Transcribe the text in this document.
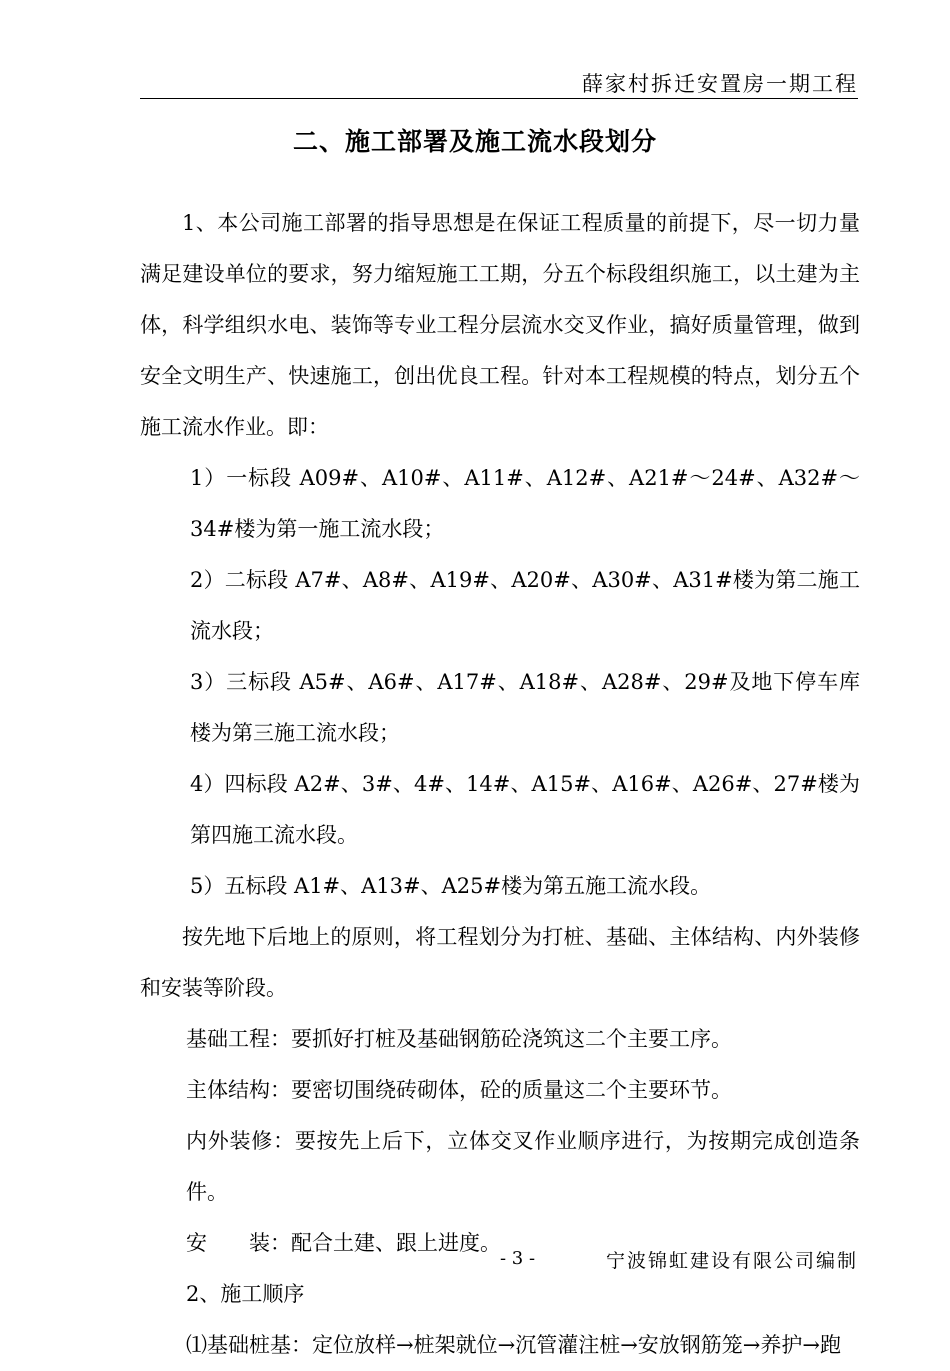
薛家村拆迁安置房一期工程
二、施工部署及施工流水段划分

1、本公司施工部署的指导思想是在保证工程质量的前提下，尽一切力量满足建设单位的要求，努力缩短施工工期，分五个标段组织施工，以土建为主体，科学组织水电、装饰等专业工程分层流水交叉作业，搞好质量管理，做到安全文明生产、快速施工，创出优良工程。针对本工程规模的特点，划分五个施工流水作业。即：

1）一标段 A09#、A10#、A11#、A12#、A21#～24#、A32#～34#楼为第一施工流水段；

2）二标段 A7#、A8#、A19#、A20#、A30#、A31#楼为第二施工流水段；

3）三标段 A5#、A6#、A17#、A18#、A28#、29#及地下停车库楼为第三施工流水段；

4）四标段 A2#、3#、4#、14#、A15#、A16#、A26#、27#楼为第四施工流水段。

5）五标段 A1#、A13#、A25#楼为第五施工流水段。

按先地下后地上的原则，将工程划分为打桩、基础、主体结构、内外装修和安装等阶段。

基础工程：要抓好打桩及基础钢筋砼浇筑这二个主要工序。

主体结构：要密切围绕砖砌体，砼的质量这二个主要环节。

内外装修：要按先上后下，立体交叉作业顺序进行，为按期完成创造条件。

安　　装：配合土建、跟上进度。

2、施工顺序

⑴基础桩基：定位放样→桩架就位→沉管灌注桩→安放钢筋笼→养护→跑

- 3 -	宁波锦虹建设有限公司编制
